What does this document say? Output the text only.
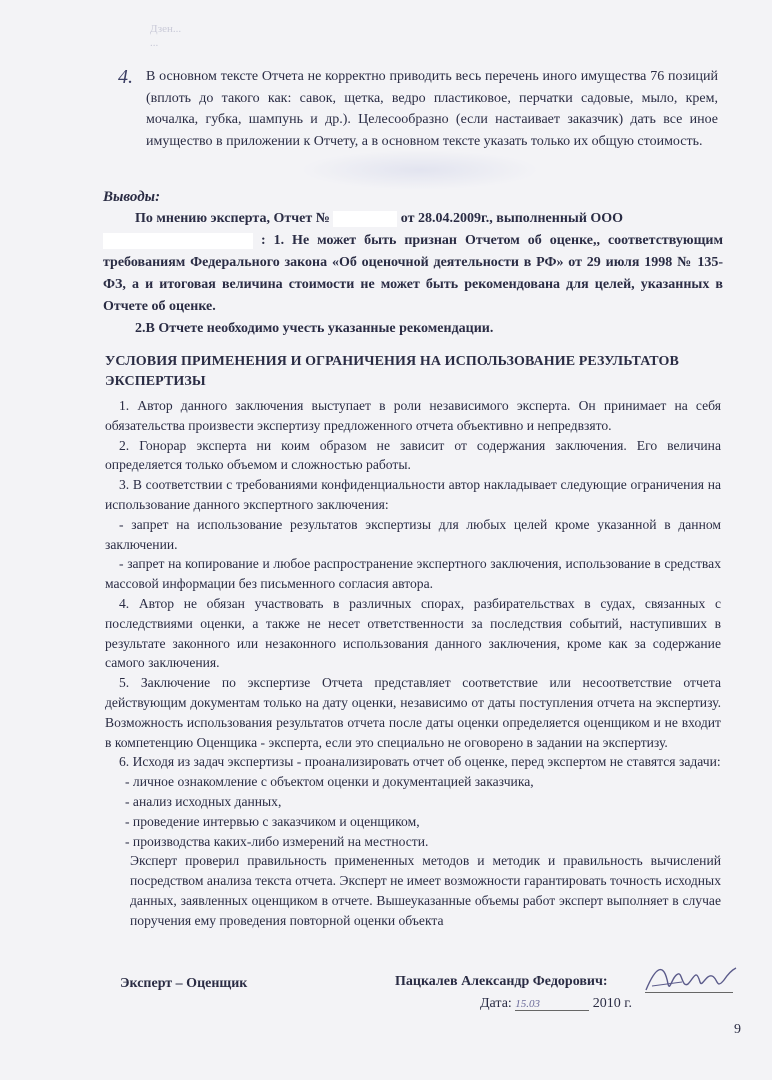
Дзен...
...
4. В основном тексте Отчета не корректно приводить весь перечень иного имущества 76 позиций (вплоть до такого как: савок, щетка, ведро пластиковое, перчатки садовые, мыло, крем, мочалка, губка, шампунь и др.). Целесообразно (если настаивает заказчик) дать все иное имущество в приложении к Отчету, а в основном тексте указать только их общую стоимость.
Выводы:

По мнению эксперта, Отчет №	от 28.04.2009г., выполненный ООО
: 1. Не может быть признан Отчетом об оценке,, соответствующим требованиям Федерального закона «Об оценочной деятельности в РФ» от 29 июля 1998 № 135-ФЗ, а и итоговая величина стоимости не может быть рекомендована для целей, указанных в Отчете об оценке.

2.В Отчете необходимо учесть указанные рекомендации.

УСЛОВИЯ ПРИМЕНЕНИЯ И ОГРАНИЧЕНИЯ НА ИСПОЛЬЗОВАНИЕ РЕЗУЛЬТАТОВ ЭКСПЕРТИЗЫ

1. Автор данного заключения выступает в роли независимого эксперта. Он принимает на себя обязательства произвести экспертизу предложенного отчета объективно и непредвзято.

2. Гонорар эксперта ни коим образом не зависит от содержания заключения. Его величина определяется только объемом и сложностью работы.

3. В соответствии с требованиями конфиденциальности автор накладывает следующие ограничения на использование данного экспертного заключения:

- запрет на использование результатов экспертизы для любых целей кроме указанной в данном заключении.

- запрет на копирование и любое распространение экспертного заключения, использование в средствах массовой информации без письменного согласия автора.

4. Автор не обязан участвовать в различных спорах, разбирательствах в судах, связанных с последствиями оценки, а также не несет ответственности за последствия событий, наступивших в результате законного или незаконного использования данного заключения, кроме как за содержание самого заключения.

5. Заключение по экспертизе Отчета представляет соответствие или несоответствие отчета действующим документам только на дату оценки, независимо от даты поступления отчета на экспертизу. Возможность использования результатов отчета после даты оценки определяется оценщиком и не входит в компетенцию Оценщика - эксперта, если это специально не оговорено в задании на экспертизу.

6. Исходя из задач экспертизы - проанализировать отчет об оценке, перед экспертом не ставятся задачи:

- личное ознакомление с объектом оценки и документацией заказчика,

- анализ исходных данных,

- проведение интервью с заказчиком и оценщиком,

- производства каких-либо измерений на местности.

Эксперт проверил правильность примененных методов и методик и правильность вычислений посредством анализа текста отчета. Эксперт не имеет возможности гарантировать точность исходных данных, заявленных оценщиком в отчете. Вышеуказанные объемы работ эксперт выполняет в случае поручения ему проведения повторной оценки объекта

Эксперт – Оценщик	Пацкалев Александр Федорович:
Дата: 15.03	2010 г.
9
